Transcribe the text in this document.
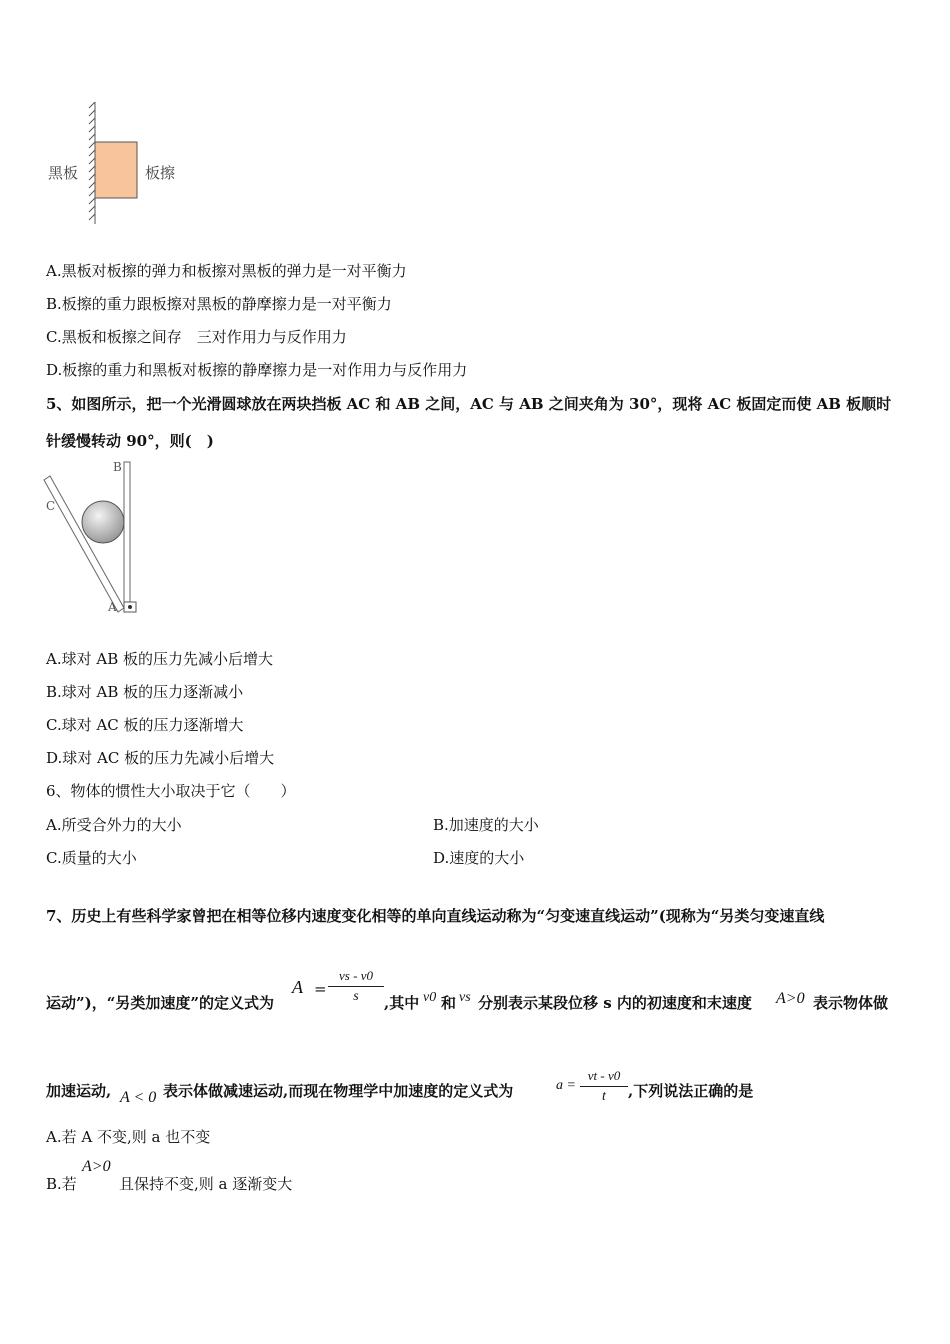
黑板	板擦
A.黑板对板擦的弹力和板擦对黑板的弹力是一对平衡力
B.板擦的重力跟板擦对黑板的静摩擦力是一对平衡力
C.黑板和板擦之间存　三对作用力与反作用力
D.板擦的重力和黑板对板擦的静摩擦力是一对作用力与反作用力
5、如图所示，把一个光滑圆球放在两块挡板 AC 和 AB 之间，AC 与 AB 之间夹角为 30°，现将 AC 板固定而使 AB 板顺时
针缓慢转动 90°，则(　)
B
C
A
A.球对 AB 板的压力先减小后增大
B.球对 AB 板的压力逐渐减小
C.球对 AC 板的压力逐渐增大
D.球对 AC 板的压力先减小后增大
6、物体的惯性大小取决于它（　　）
A.所受合外力的大小	B.加速度的大小
C.质量的大小	D.速度的大小
7、历史上有些科学家曾把在相等位移内速度变化相等的单向直线运动称为“匀变速直线运动”(现称为“另类匀变速直线
运动”)，“另类加速度”的定义式为
A =
vs - v0
s	,其中 v0 和 vs 分别表示某段位移 s 内的初速度和末速度 A>0 表示物体做
加速运动, A < 0 表示体做减速运动,而现在物理学中加速度的定义式为	a =
vt - v0
t	,下列说法正确的是
A.若 A 不变,则 a 也不变
B.若
A>0
且保持不变,则 a 逐渐变大
